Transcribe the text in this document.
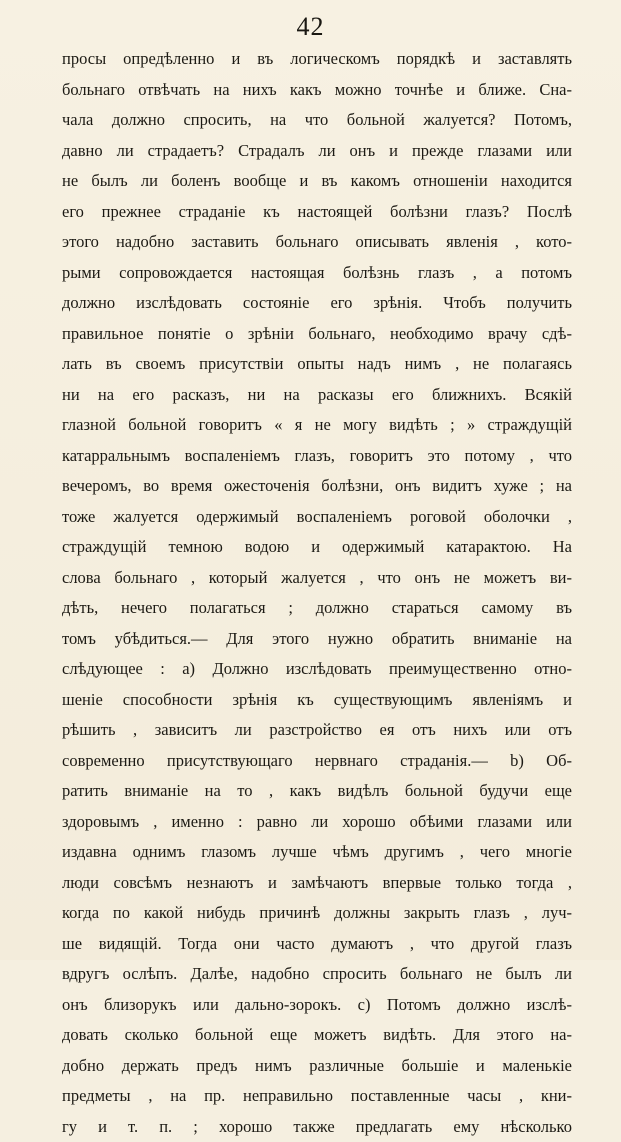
42
просы опредѣленно и въ логическомъ порядкѣ и заставлять
больнаго отвѣчать на нихъ какъ можно точнѣе и ближе. Сна-
чала должно спросить, на что больной жалуется? Потомъ,
давно ли страдаетъ? Страдалъ ли онъ и прежде глазами или
не былъ ли боленъ вообще и въ какомъ отношеніи находится
его прежнее страданіе къ настоящей болѣзни глазъ? Послѣ
этого надобно заставить больнаго описывать явленія , кото-
рыми сопровождается настоящая болѣзнь глазъ , а потомъ
должно изслѣдовать состояніе его зрѣнія. Чтобъ получить
правильное понятіе о зрѣніи больнаго, необходимо врачу сдѣ-
лать въ своемъ присутствіи опыты надъ нимъ , не полагаясь
ни на его расказъ, ни на расказы его ближнихъ. Всякій
глазной больной говоритъ « я не могу видѣть ; » страждущій
катарральнымъ воспаленіемъ глазъ, говоритъ это потому , что
вечеромъ, во время ожесточенія болѣзни, онъ видитъ хуже ; на
тоже жалуется одержимый воспаленіемъ роговой оболочки ,
страждущій темною водою и одержимый катарактою. На
слова больнаго , который жалуется , что онъ не можетъ ви-
дѣть, нечего полагаться ; должно стараться самому въ
томъ убѣдиться.— Для этого нужно обратить вниманіе на
слѣдующее : a) Должно изслѣдовать преимущественно отно-
шеніе способности зрѣнія къ существующимъ явленіямъ и
рѣшить , зависитъ ли разстройство ея отъ нихъ или отъ
современно присутствующаго нервнаго страданія.— b) Об-
ратить вниманіе на то , какъ видѣлъ больной будучи еще
здоровымъ , именно : равно ли хорошо обѣими глазами или
издавна однимъ глазомъ лучше чѣмъ другимъ , чего многіе
люди совсѣмъ незнаютъ и замѣчаютъ впервые только тогда ,
когда по какой нибудь причинѣ должны закрыть глазъ , луч-
ше видящій. Тогда они часто думаютъ , что другой глазъ
вдругъ ослѣпъ. Далѣе, надобно спросить больнаго не былъ ли
онъ близорукъ или дально-зорокъ. c) Потомъ должно изслѣ-
довать сколько больной еще можетъ видѣть. Для этого на-
добно держать предъ нимъ различные большіе и маленькіе
предметы , на пр. неправильно поставленные часы , кни-
гу и т. п. ; хорошо также предлагать ему нѣсколько
